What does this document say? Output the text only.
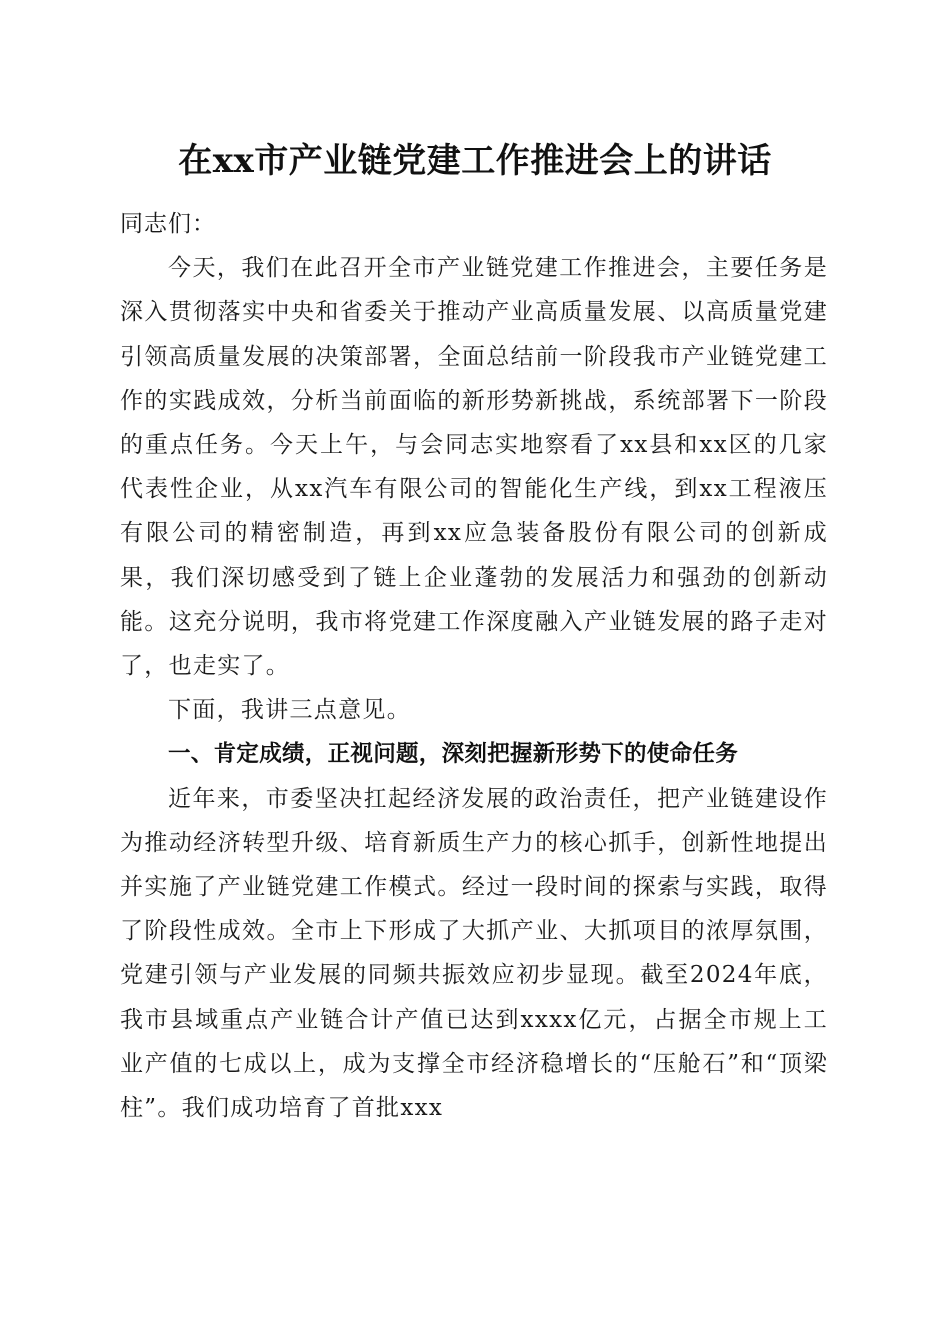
在xx市产业链党建工作推进会上的讲话

同志们：

今天，我们在此召开全市产业链党建工作推进会，主要任务是深入贯彻落实中央和省委关于推动产业高质量发展、以高质量党建引领高质量发展的决策部署，全面总结前一阶段我市产业链党建工作的实践成效，分析当前面临的新形势新挑战，系统部署下一阶段的重点任务。今天上午，与会同志实地察看了xx县和xx区的几家代表性企业，从xx汽车有限公司的智能化生产线，到xx工程液压有限公司的精密制造，再到xx应急装备股份有限公司的创新成果，我们深切感受到了链上企业蓬勃的发展活力和强劲的创新动能。这充分说明，我市将党建工作深度融入产业链发展的路子走对了，也走实了。

下面，我讲三点意见。

一、肯定成绩，正视问题，深刻把握新形势下的使命任务

近年来，市委坚决扛起经济发展的政治责任，把产业链建设作为推动经济转型升级、培育新质生产力的核心抓手，创新性地提出并实施了产业链党建工作模式。经过一段时间的探索与实践，取得了阶段性成效。全市上下形成了大抓产业、大抓项目的浓厚氛围，党建引领与产业发展的同频共振效应初步显现。截至2024年底，我市县域重点产业链合计产值已达到xxxx亿元，占据全市规上工业产值的七成以上，成为支撑全市经济稳增长的“压舱石”和“顶梁柱”。我们成功培育了首批xxx
